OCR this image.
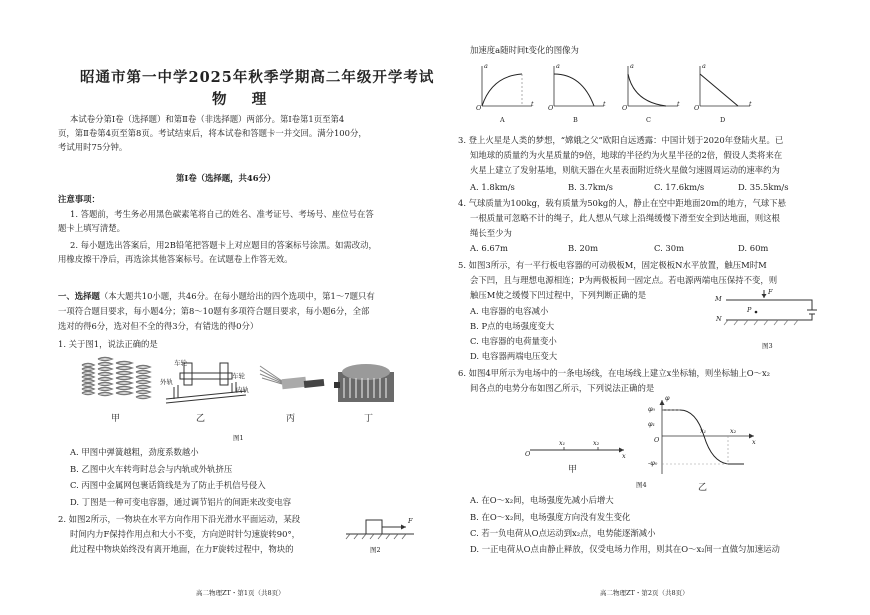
昭通市第一中学2025年秋季学期高二年级开学考试
物    理
本试卷分第Ⅰ卷（选择题）和第Ⅱ卷（非选择题）两部分。第Ⅰ卷第1页至第4
页，第Ⅱ卷第4页至第8页。考试结束后，将本试卷和答题卡一并交回。满分100分，
考试用时75分钟。
第Ⅰ卷（选择题，共46分）
注意事项：
1. 答题前，考生务必用黑色碳素笔将自己的姓名、准考证号、考场号、座位号在答
题卡上填写清楚。
2. 每小题选出答案后，用2B铅笔把答题卡上对应题目的答案标号涂黑。如需改动，
用橡皮擦干净后，再选涂其他答案标号。在试题卷上作答无效。
一、选择题（本大题共10小题，共46分。在每小题给出的四个选项中，第1～7题只有
一项符合题目要求，每小题4分；第8～10题有多项符合题目要求，每小题6分，全部
选对的得6分，选对但不全的得3分，有错选的得0分）
1. 关于图1，说法正确的是
车轮
外轨
车轮
内轨
甲	乙	丙	丁
图1
A. 甲图中弹簧越粗，劲度系数越小
B. 乙图中火车转弯时总会与内轨或外轨挤压
C. 丙图中金属网包裹话筒线是为了防止手机信号侵入
D. 丁图是一种可变电容器，通过调节铝片的间距来改变电容
2. 如图2所示，一物块在水平方向作用下沿光滑水平面运动，某段
时间内力F保持作用点和大小不变，方向逆时针匀速旋转90°，
此过程中物块始终没有离开地面，在力F旋转过程中，物块的
F
图2
高二物理ZT・第1页（共8页）
加速度a随时间t变化的图像为
a
t
O
a
t
O
a
t
O
a
t
O
A	B	C	D
3. 登上火星是人类的梦想，“嫦娥之父”欧阳自远透露：中国计划于2020年登陆火星。已
知地球的质量约为火星质量的9倍，地球的半径约为火星半径的2倍，假设人类将来在
火星上建立了发射基地，则航天器在火星表面附近绕火星做匀速圆周运动的速率约为
A. 1.8km/s	B. 3.7km/s	C. 17.6km/s	D. 35.5km/s
4. 气球质量为100kg，载有质量为50kg的人，静止在空中距地面20m的地方，气球下悬
一根质量可忽略不计的绳子，此人想从气球上沿绳缓慢下滑至安全到达地面，则这根
绳长至少为
A. 6.67m	B. 20m	C. 30m	D. 60m
5. 如图3所示，有一平行板电容器的可动极板M，固定极板N水平放置，触压M时M
会下凹，且与理想电源相连；P为两极板间一固定点。若电源两端电压保持不变，则
触压M使之缓慢下凹过程中，下列判断正确的是
A. 电容器的电容减小
B. P点的电场强度变大
C. 电容器的电荷量变小
D. 电容器两端电压变大
M
N
P
F
图3
6. 如图4甲所示为电场中的一条电场线，在电场线上建立x坐标轴，则坐标轴上O～x₂
间各点的电势分布如图乙所示，下列说法正确的是
O
x₁	x₂
x
甲
φ
φ₀
φ₁
-φ₀
O
x₁	x₂
x
图4	乙
A. 在O～x₂间，电场强度先减小后增大
B. 在O～x₂间，电场强度方向没有发生变化
C. 若一负电荷从O点运动到x₂点，电势能逐渐减小
D. 一正电荷从O点由静止释放，仅受电场力作用，则其在O～x₂间一直做匀加速运动
高二物理ZT・第2页（共8页）
